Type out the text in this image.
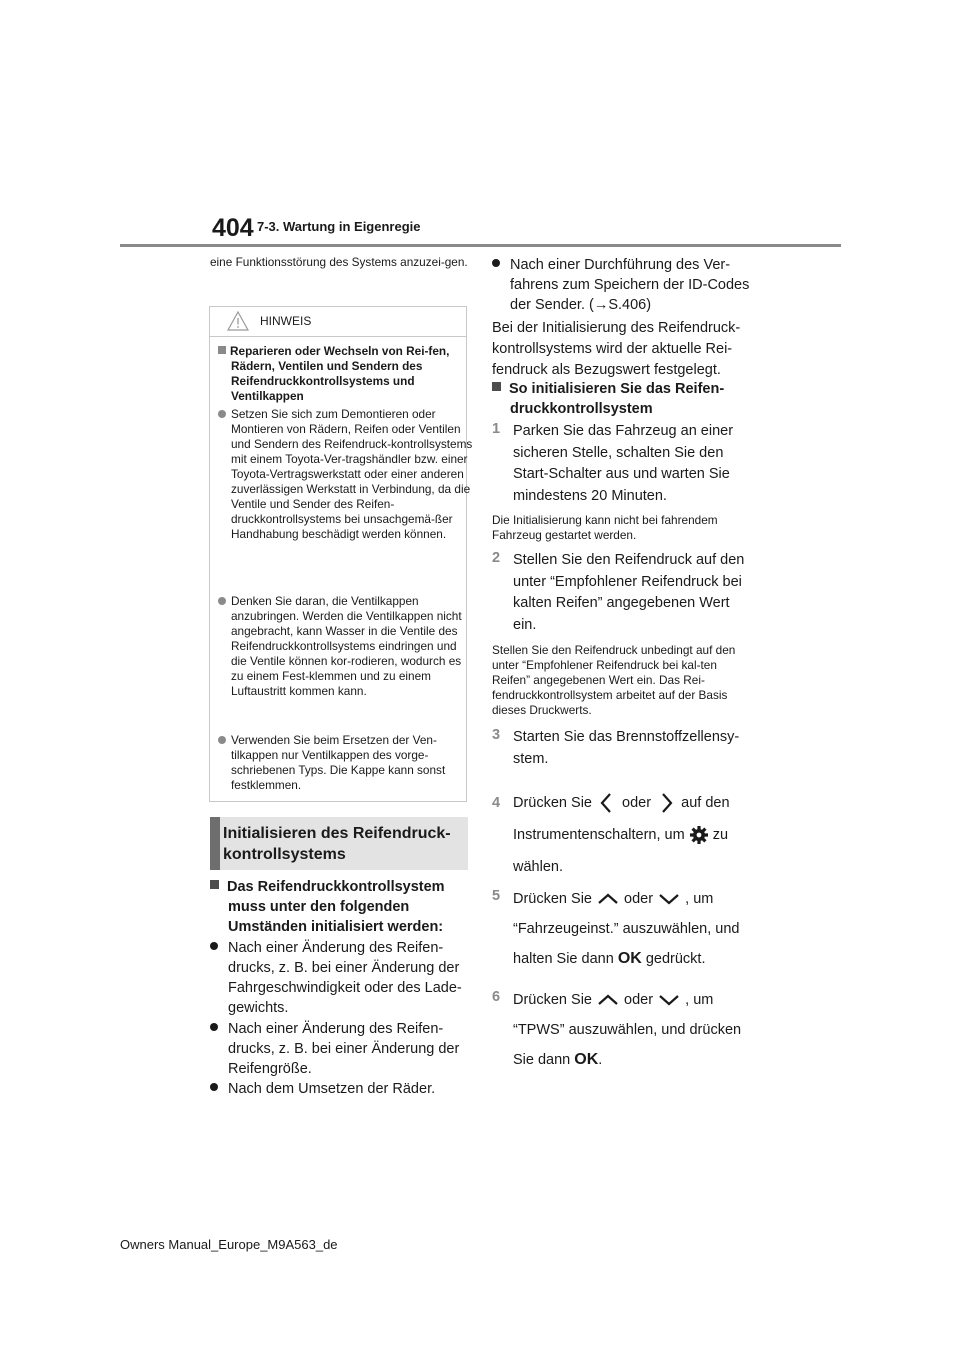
404 7-3. Wartung in Eigenregie
eine Funktionsstörung des Systems anzuzei-gen.
HINWEIS
Reparieren oder Wechseln von Rei-fen, Rädern, Ventilen und Sendern des Reifendruckkontrollsystems und Ventilkappen
Setzen Sie sich zum Demontieren oder Montieren von Rädern, Reifen oder Ventilen und Sendern des Reifendruck-kontrollsystems mit einem Toyota-Ver-tragshändler bzw. einer Toyota-Vertragswerkstatt oder einer anderen zuverlässigen Werkstatt in Verbindung, da die Ventile und Sender des Reifen-druckkontrollsystems bei unsachgemä-ßer Handhabung beschädigt werden können.
Denken Sie daran, die Ventilkappen anzubringen. Werden die Ventilkappen nicht angebracht, kann Wasser in die Ventile des Reifendruckkontrollsystems eindringen und die Ventile können kor-rodieren, wodurch es zu einem Fest-klemmen und zu einem Luftaustritt kommen kann.
Verwenden Sie beim Ersetzen der Ven-tilkappen nur Ventilkappen des vorge-schriebenen Typs. Die Kappe kann sonst festklemmen.
Initialisieren des Reifendruck-
kontrollsystems
Das Reifendruckkontrollsystem muss unter den folgenden Umständen initialisiert werden:
Nach einer Änderung des Reifen-drucks, z. B. bei einer Änderung der Fahrgeschwindigkeit oder des Lade-gewichts.
Nach einer Änderung des Reifen-drucks, z. B. bei einer Änderung der Reifengröße.
Nach dem Umsetzen der Räder.
Nach einer Durchführung des Ver-fahrens zum Speichern der ID-Codes der Sender. (→S.406)
Bei der Initialisierung des Reifendruck-kontrollsystems wird der aktuelle Rei-fendruck als Bezugswert festgelegt.
So initialisieren Sie das Reifen-druckkontrollsystem
1 Parken Sie das Fahrzeug an einer sicheren Stelle, schalten Sie den Start-Schalter aus und warten Sie mindestens 20 Minuten.
Die Initialisierung kann nicht bei fahrendem Fahrzeug gestartet werden.
2 Stellen Sie den Reifendruck auf den unter “Empfohlener Reifendruck bei kalten Reifen” angegebenen Wert ein.
Stellen Sie den Reifendruck unbedingt auf den unter “Empfohlener Reifendruck bei kal-ten Reifen” angegebenen Wert ein. Das Rei-fendruckkontrollsystem arbeitet auf der Basis dieses Druckwerts.
3 Starten Sie das Brennstoffzellensy-stem.
4 Drücken Sie oder auf den
Instrumentenschaltern, um zu
wählen.
5 Drücken Sie oder , um
“Fahrzeugeinst.” auszuwählen, und
halten Sie dann OK gedrückt.
6 Drücken Sie oder , um
“TPWS” auszuwählen, und drücken
Sie dann OK.
Owners Manual_Europe_M9A563_de
